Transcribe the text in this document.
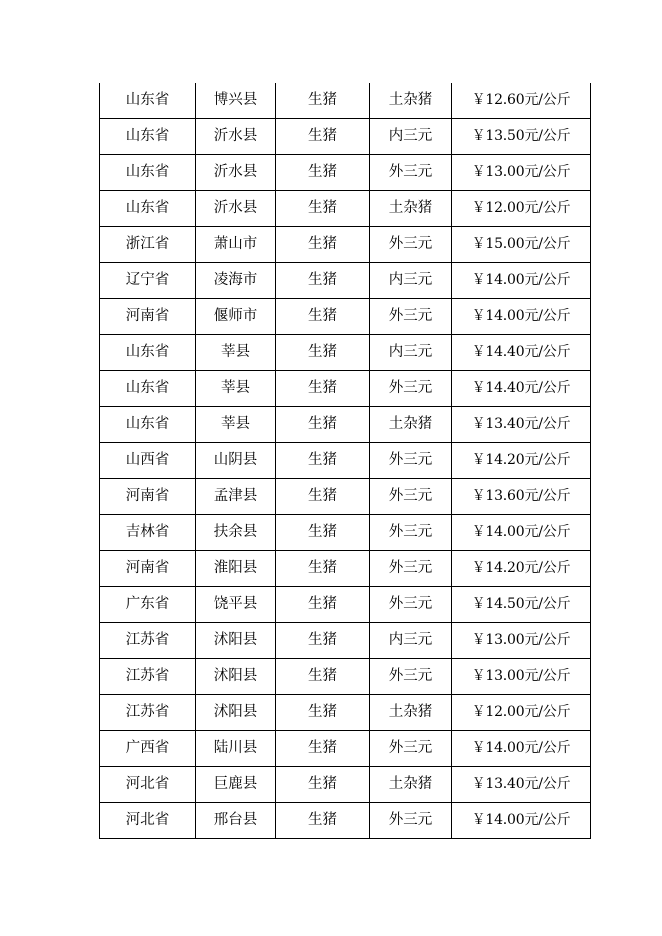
山东省	博兴县	生猪	土杂猪	￥12.60元/公斤
山东省	沂水县	生猪	内三元	￥13.50元/公斤
山东省	沂水县	生猪	外三元	￥13.00元/公斤
山东省	沂水县	生猪	土杂猪	￥12.00元/公斤
浙江省	萧山市	生猪	外三元	￥15.00元/公斤
辽宁省	凌海市	生猪	内三元	￥14.00元/公斤
河南省	偃师市	生猪	外三元	￥14.00元/公斤
山东省	莘县	生猪	内三元	￥14.40元/公斤
山东省	莘县	生猪	外三元	￥14.40元/公斤
山东省	莘县	生猪	土杂猪	￥13.40元/公斤
山西省	山阴县	生猪	外三元	￥14.20元/公斤
河南省	孟津县	生猪	外三元	￥13.60元/公斤
吉林省	扶余县	生猪	外三元	￥14.00元/公斤
河南省	淮阳县	生猪	外三元	￥14.20元/公斤
广东省	饶平县	生猪	外三元	￥14.50元/公斤
江苏省	沭阳县	生猪	内三元	￥13.00元/公斤
江苏省	沭阳县	生猪	外三元	￥13.00元/公斤
江苏省	沭阳县	生猪	土杂猪	￥12.00元/公斤
广西省	陆川县	生猪	外三元	￥14.00元/公斤
河北省	巨鹿县	生猪	土杂猪	￥13.40元/公斤
河北省	邢台县	生猪	外三元	￥14.00元/公斤
